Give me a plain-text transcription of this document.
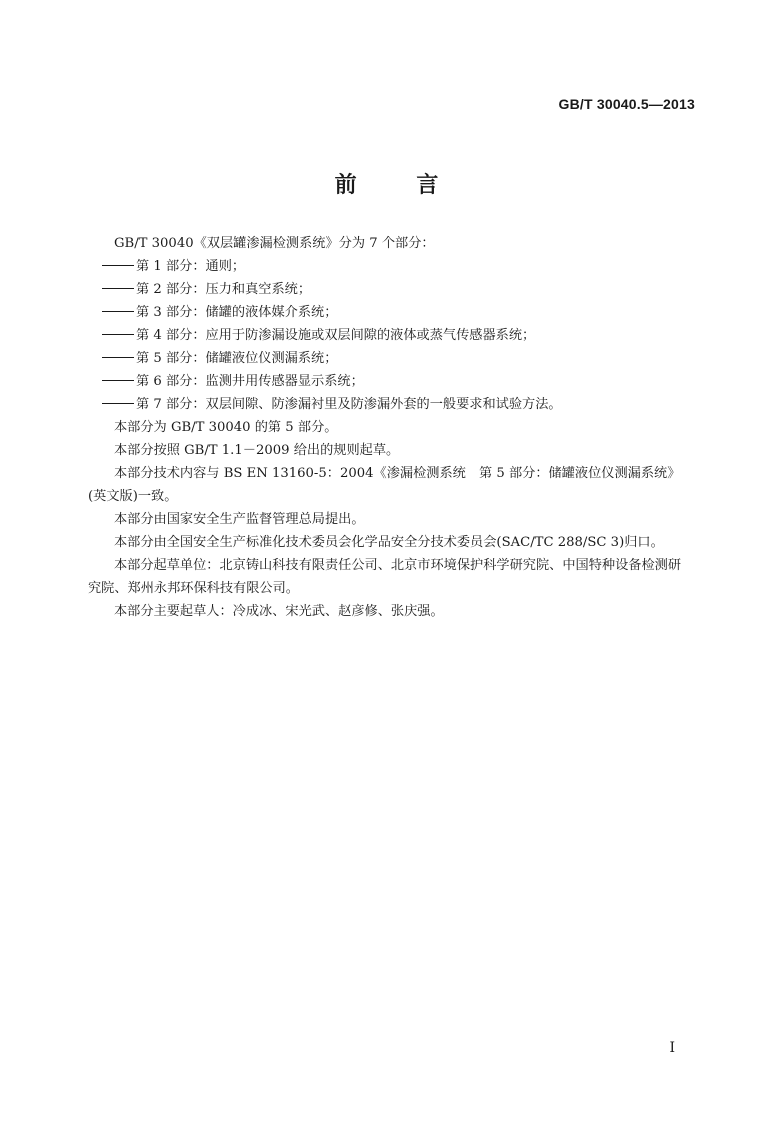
GB/T 30040.5—2013
前 言

GB/T 30040《双层罐渗漏检测系统》分为 7 个部分：

第 1 部分：通则；

第 2 部分：压力和真空系统；

第 3 部分：储罐的液体媒介系统；

第 4 部分：应用于防渗漏设施或双层间隙的液体或蒸气传感器系统；

第 5 部分：储罐液位仪测漏系统；

第 6 部分：监测井用传感器显示系统；

第 7 部分：双层间隙、防渗漏衬里及防渗漏外套的一般要求和试验方法。

本部分为 GB/T 30040 的第 5 部分。

本部分按照 GB/T 1.1－2009 给出的规则起草。

本部分技术内容与 BS EN 13160-5：2004《渗漏检测系统　第 5 部分：储罐液位仪测漏系统》(英文版)一致。

本部分由国家安全生产监督管理总局提出。

本部分由全国安全生产标准化技术委员会化学品安全分技术委员会(SAC/TC 288/SC 3)归口。

本部分起草单位：北京铸山科技有限责任公司、北京市环境保护科学研究院、中国特种设备检测研究院、郑州永邦环保科技有限公司。

本部分主要起草人：冷成冰、宋光武、赵彦修、张庆强。

I
